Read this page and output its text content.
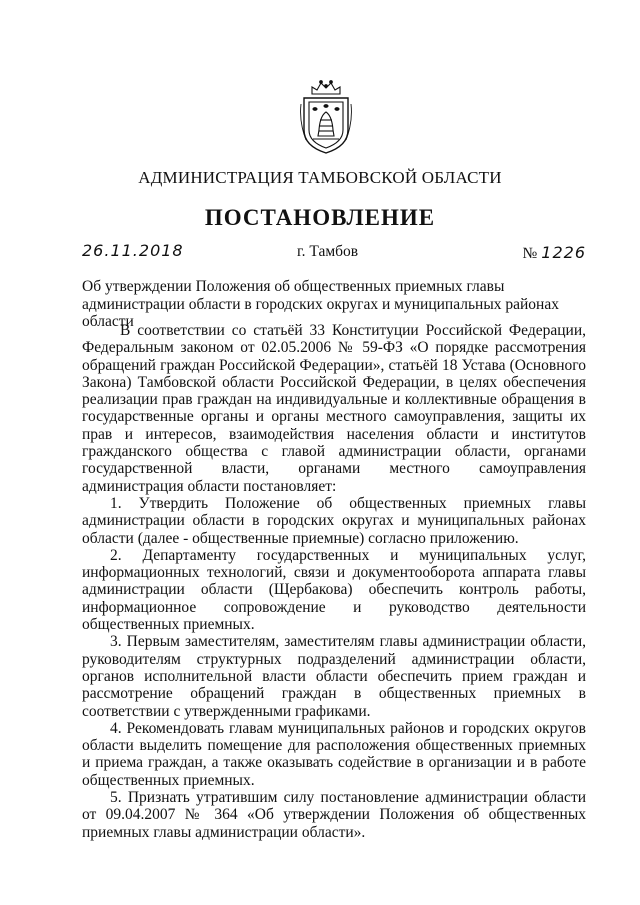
АДМИНИСТРАЦИЯ ТАМБОВСКОЙ ОБЛАСТИ
ПОСТАНОВЛЕНИЕ
26.11.2018	г. Тамбов	№ 1226
Об утверждении Положения об общественных приемных главы администрации области в городских округах и муниципальных районах области

В соответствии со статьёй 33 Конституции Российской Федерации, Федеральным законом от 02.05.2006 № 59-ФЗ «О порядке рассмотрения обращений граждан Российской Федерации», статьёй 18 Устава (Основного Закона) Тамбовской области Российской Федерации, в целях обеспечения реализации прав граждан на индивидуальные и коллективные обращения в государственные органы и органы местного самоуправления, защиты их прав и интересов, взаимодействия населения области и институтов гражданского общества с главой администрации области, органами государственной власти, органами местного самоуправления администрация области постановляет:

1. Утвердить Положение об общественных приемных главы администрации области в городских округах и муниципальных районах области (далее - общественные приемные) согласно приложению.

2. Департаменту государственных и муниципальных услуг, информационных технологий, связи и документооборота аппарата главы администрации области (Щербакова) обеспечить контроль работы, информационное сопровождение и руководство деятельности общественных приемных.

3. Первым заместителям, заместителям главы администрации области, руководителям структурных подразделений администрации области, органов исполнительной власти области обеспечить прием граждан и рассмотрение обращений граждан в общественных приемных в соответствии с утвержденными графиками.

4. Рекомендовать главам муниципальных районов и городских округов области выделить помещение для расположения общественных приемных и приема граждан, а также оказывать содействие в организации и в работе общественных приемных.

5. Признать утратившим силу постановление администрации области от 09.04.2007 № 364 «Об утверждении Положения об общественных приемных главы администрации области».
